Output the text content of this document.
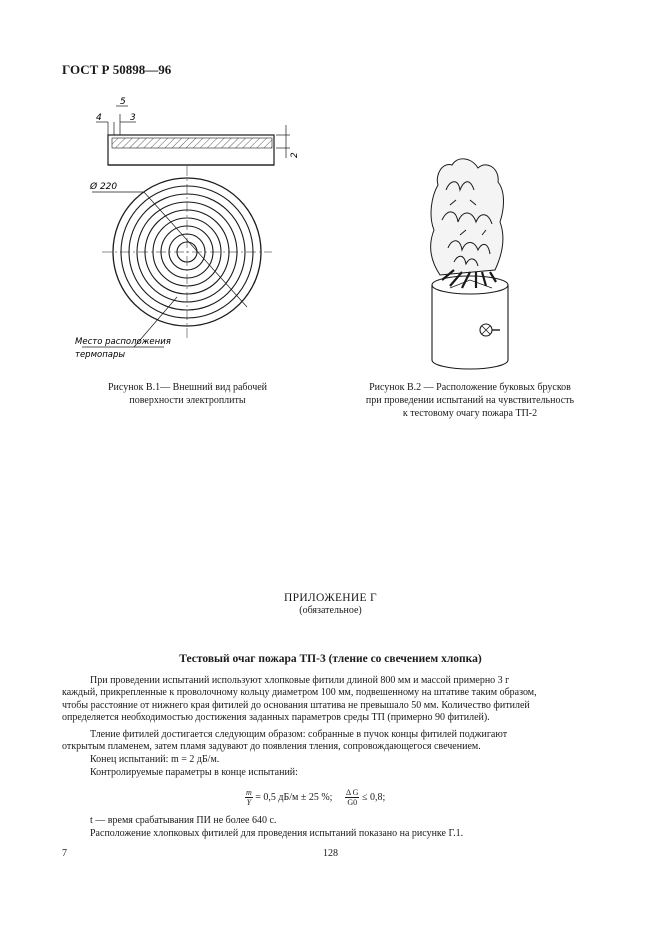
ГОСТ Р 50898—96
5
4	3
2
Ø 220
Место расположения
термопары
Рисунок В.1— Внешний вид рабочей
поверхности электроплиты
Рисунок В.2 — Расположение буковых брусков
при проведении испытаний на чувствительность
к тестовому очагу пожара ТП-2
ПРИЛОЖЕНИЕ Г
(обязательное)
Тестовый очаг пожара ТП-3 (тление со свечением хлопка)
При проведении испытаний используют хлопковые фитили длиной 800 мм и массой примерно 3 г
каждый, прикрепленные к проволочному кольцу диаметром 100 мм, подвешенному на штативе таким образом,
чтобы расстояние от нижнего края фитилей до основания штатива не превышало 50 мм. Количество фитилей
определяется необходимостью достижения заданных параметров среды ТП (примерно 90 фитилей).
Тление фитилей достигается следующим образом: собранные в пучок концы фитилей поджигают
открытым пламенем, затем пламя задувают до появления тления, сопровождающегося свечением.
Конец испытаний: m = 2 дБ/м.
Контролируемые параметры в конце испытаний:
$\frac{m}{Y} = 0,5$ дБ/м ± 25 %; $\frac{\text{Δ G}}{G0} \le 0,8$;
t — время срабатывания ПИ не более 640 с.
Расположение хлопковых фитилей для проведения испытаний показано на рисунке Г.1.
7	128
